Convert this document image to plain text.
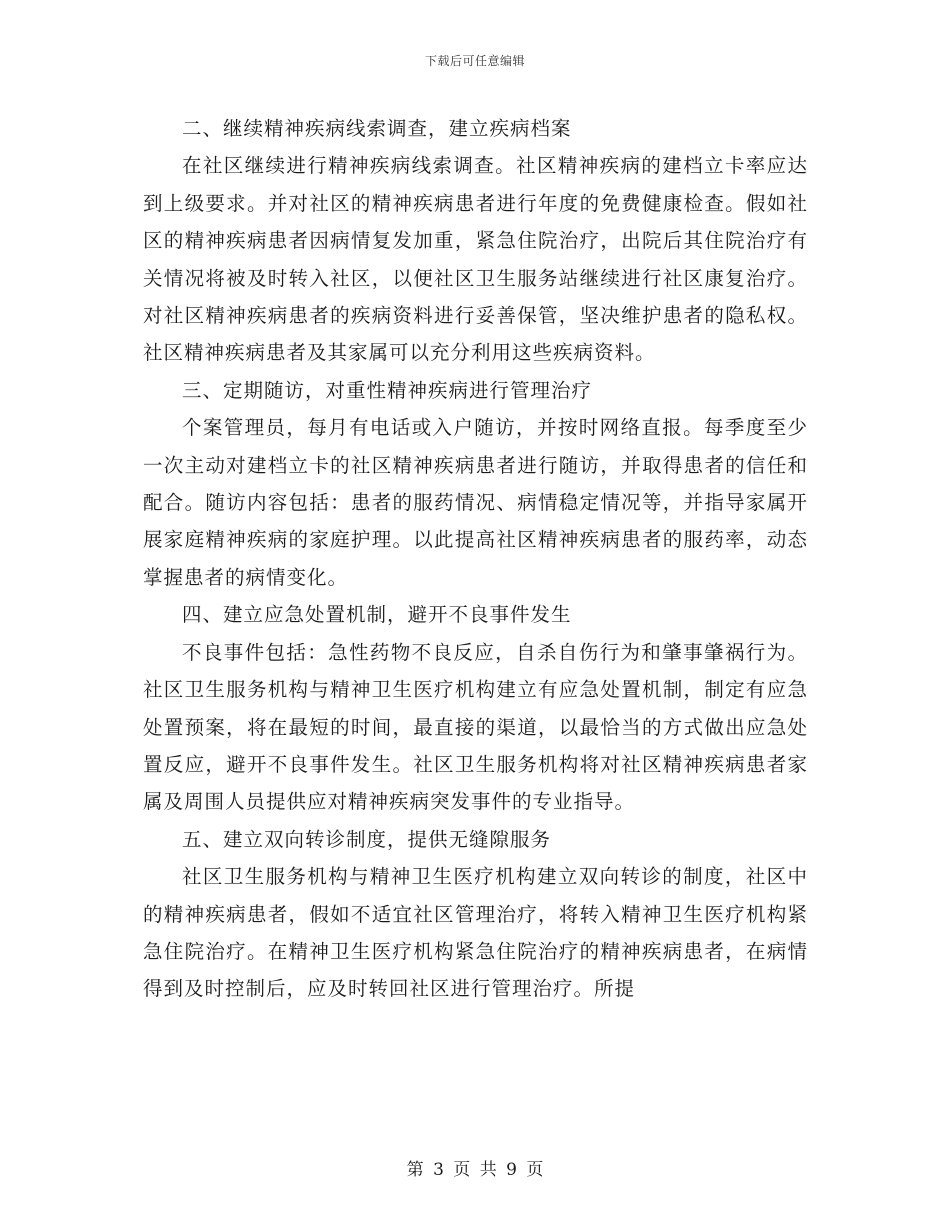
下载后可任意编辑

二、继续精神疾病线索调查，建立疾病档案

在社区继续进行精神疾病线索调查。社区精神疾病的建档立卡率应达到上级要求。并对社区的精神疾病患者进行年度的免费健康检查。假如社区的精神疾病患者因病情复发加重，紧急住院治疗，出院后其住院治疗有关情况将被及时转入社区，以便社区卫生服务站继续进行社区康复治疗。对社区精神疾病患者的疾病资料进行妥善保管，坚决维护患者的隐私权。社区精神疾病患者及其家属可以充分利用这些疾病资料。

三、定期随访，对重性精神疾病进行管理治疗

个案管理员，每月有电话或入户随访，并按时网络直报。每季度至少一次主动对建档立卡的社区精神疾病患者进行随访，并取得患者的信任和配合。随访内容包括：患者的服药情况、病情稳定情况等，并指导家属开展家庭精神疾病的家庭护理。以此提高社区精神疾病患者的服药率，动态掌握患者的病情变化。

四、建立应急处置机制，避开不良事件发生

不良事件包括：急性药物不良反应，自杀自伤行为和肇事肇祸行为。社区卫生服务机构与精神卫生医疗机构建立有应急处置机制，制定有应急处置预案，将在最短的时间，最直接的渠道，以最恰当的方式做出应急处置反应，避开不良事件发生。社区卫生服务机构将对社区精神疾病患者家属及周围人员提供应对精神疾病突发事件的专业指导。

五、建立双向转诊制度，提供无缝隙服务

社区卫生服务机构与精神卫生医疗机构建立双向转诊的制度，社区中的精神疾病患者，假如不适宜社区管理治疗，将转入精神卫生医疗机构紧急住院治疗。在精神卫生医疗机构紧急住院治疗的精神疾病患者，在病情得到及时控制后，应及时转回社区进行管理治疗。所提

第 3 页 共 9 页
